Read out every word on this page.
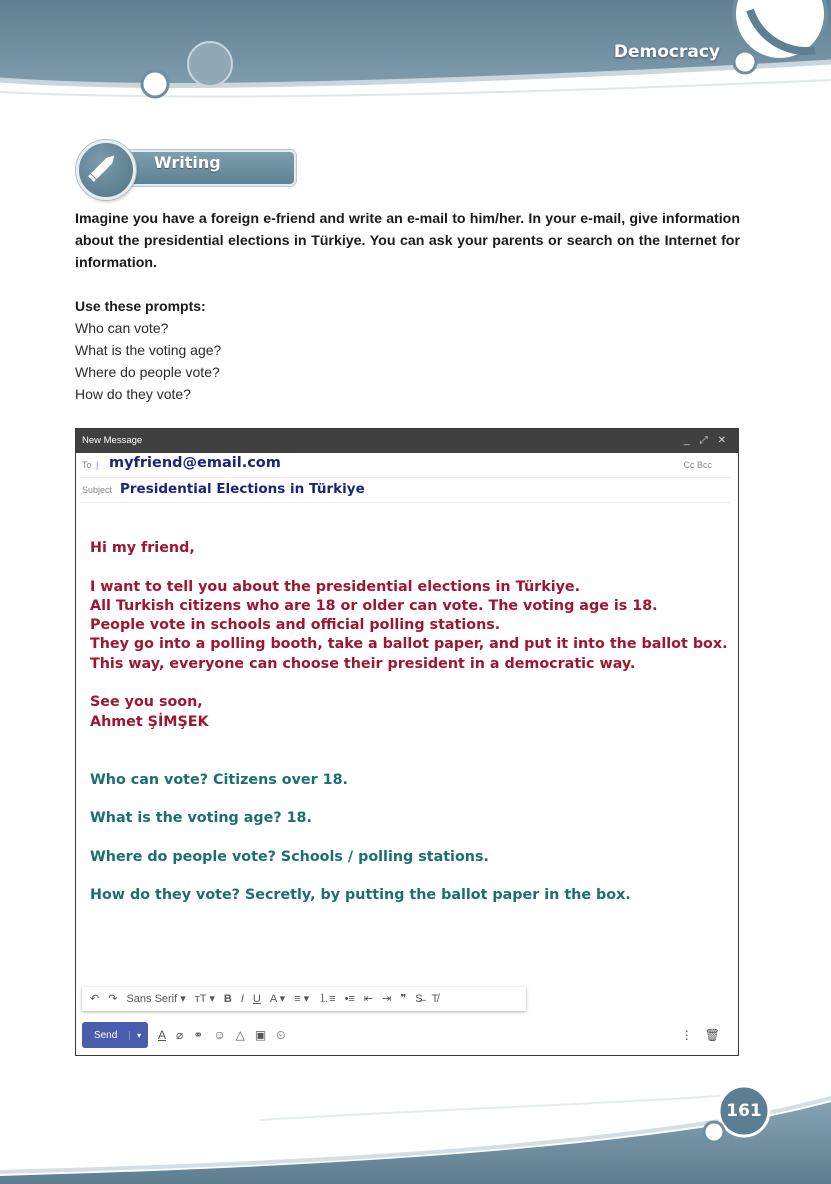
Democracy
Writing
Imagine you have a foreign e-friend and write an e-mail to him/her. In your e-mail, give information about the presidential elections in Türkiye. You can ask your parents or search on the Internet for information.
Use these prompts:
Who can vote?
What is the voting age?
Where do people vote?
How do they vote?
New Message	_ ⤢ ✕
To | myfriend@email.com	Cc Bcc
Subject Presidential Elections in Türkiye
Hi my friend,
I want to tell you about the presidential elections in Türkiye.
All Turkish citizens who are 18 or older can vote. The voting age is 18.
People vote in schools and official polling stations.
They go into a polling booth, take a ballot paper, and put it into the ballot box.
This way, everyone can choose their president in a democratic way.
See you soon,
Ahmet ŞİMŞEK
Who can vote? Citizens over 18.
What is the voting age? 18.
Where do people vote? Schools / polling stations.
How do they vote? Secretly, by putting the ballot paper in the box.
↶ ↷ Sans Serif ▾ тT ▾ B I U A ▾ ≡ ▾ ⒈≡ •≡ ⇤ ⇥ ❞ S̶ T̸
Send	▾	A ⌀ ⚭ ☺ △ ▣ ⏲	⋮ 🗑
161
